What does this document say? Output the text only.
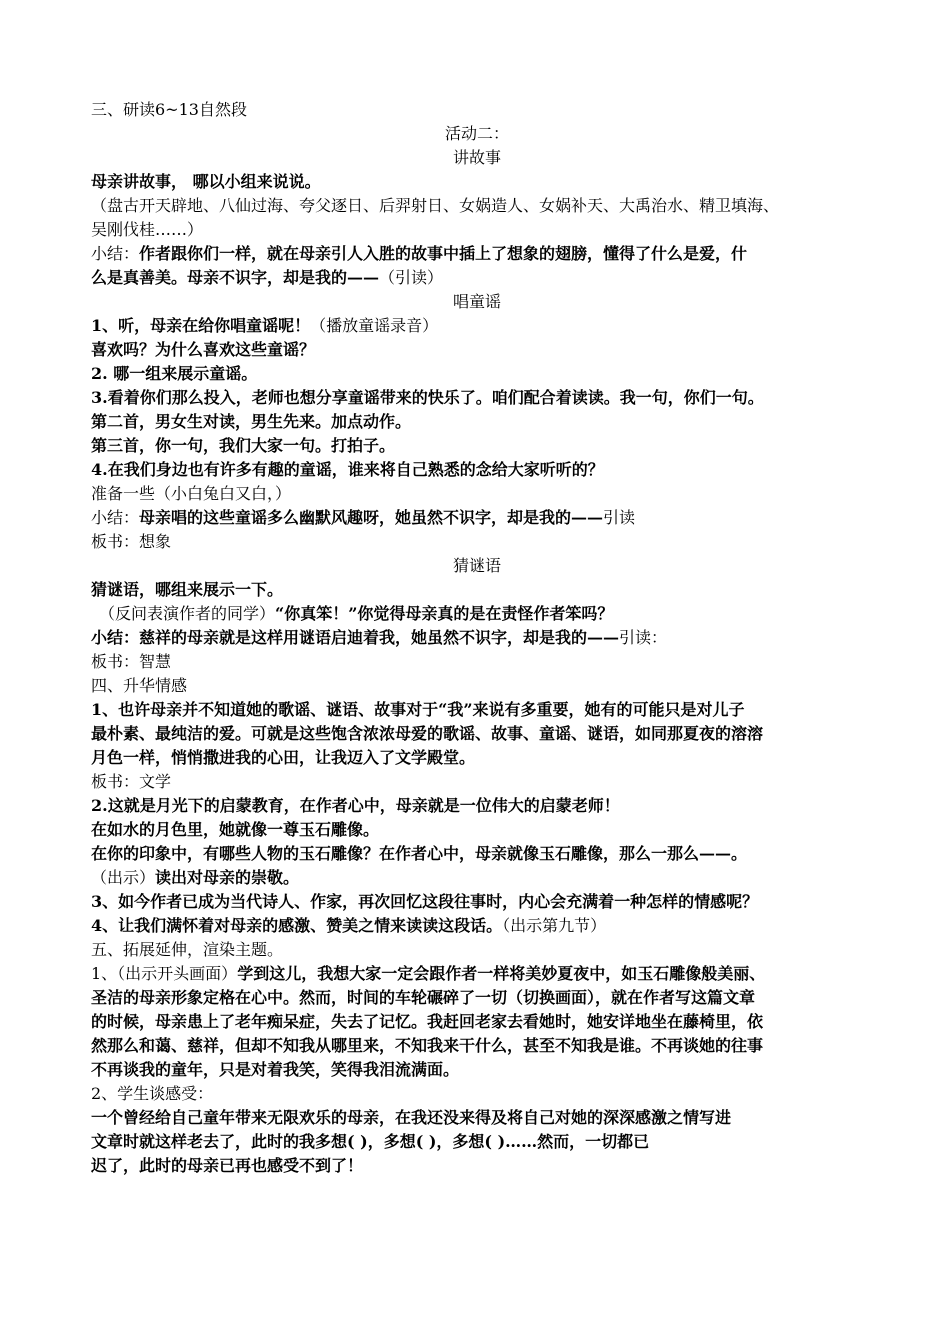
三、研读6~13自然段
活动二：
讲故事
母亲讲故事， 哪以小组来说说。
（盘古开天辟地、八仙过海、夸父逐日、后羿射日、女娲造人、女娲补天、大禹治水、精卫填海、
吴刚伐桂……）
小结：作者跟你们一样，就在母亲引人入胜的故事中插上了想象的翅膀，懂得了什么是爱，什
么是真善美。母亲不识字，却是我的——（引读）
唱童谣
1、听，母亲在给你唱童谣呢！（播放童谣录音）
喜欢吗？为什么喜欢这些童谣？
2. 哪一组来展示童谣。
3.看着你们那么投入，老师也想分享童谣带来的快乐了。咱们配合着读读。我一句，你们一句。
第二首，男女生对读，男生先来。加点动作。
第三首，你一句，我们大家一句。打拍子。
4.在我们身边也有许多有趣的童谣，谁来将自己熟悉的念给大家听听的？
准备一些（小白兔白又白，）
小结：母亲唱的这些童谣多么幽默风趣呀，她虽然不识字，却是我的——引读
板书：想象
猜谜语
猜谜语，哪组来展示一下。
（反问表演作者的同学）“你真笨！”你觉得母亲真的是在责怪作者笨吗？
小结：慈祥的母亲就是这样用谜语启迪着我，她虽然不识字，却是我的——引读：
板书：智慧
四、升华情感
1、也许母亲并不知道她的歌谣、谜语、故事对于“我”来说有多重要，她有的可能只是对儿子
最朴素、最纯洁的爱。可就是这些饱含浓浓母爱的歌谣、故事、童谣、谜语，如同那夏夜的溶溶
月色一样，悄悄撒进我的心田，让我迈入了文学殿堂。
板书：文学
2.这就是月光下的启蒙教育，在作者心中，母亲就是一位伟大的启蒙老师！
在如水的月色里，她就像一尊玉石雕像。
在你的印象中，有哪些人物的玉石雕像？在作者心中，母亲就像玉石雕像，那么一那么——。
（出示）读出对母亲的崇敬。
3、如今作者已成为当代诗人、作家，再次回忆这段往事时，内心会充满着一种怎样的情感呢？
4、让我们满怀着对母亲的感激、赞美之情来读读这段话。（出示第九节）
五、拓展延伸，渲染主题。
1、（出示开头画面）学到这儿，我想大家一定会跟作者一样将美妙夏夜中，如玉石雕像般美丽、
圣洁的母亲形象定格在心中。然而，时间的车轮碾碎了一切（切换画面），就在作者写这篇文章
的时候，母亲患上了老年痴呆症，失去了记忆。我赶回老家去看她时，她安详地坐在藤椅里，依
然那么和蔼、慈祥，但却不知我从哪里来，不知我来干什么，甚至不知我是谁。不再谈她的往事
不再谈我的童年，只是对着我笑，笑得我泪流满面。
2、学生谈感受：
一个曾经给自己童年带来无限欢乐的母亲，在我还没来得及将自己对她的深深感激之情写进
文章时就这样老去了，此时的我多想( )，多想( )，多想( )……然而，一切都已
迟了，此时的母亲已再也感受不到了！
